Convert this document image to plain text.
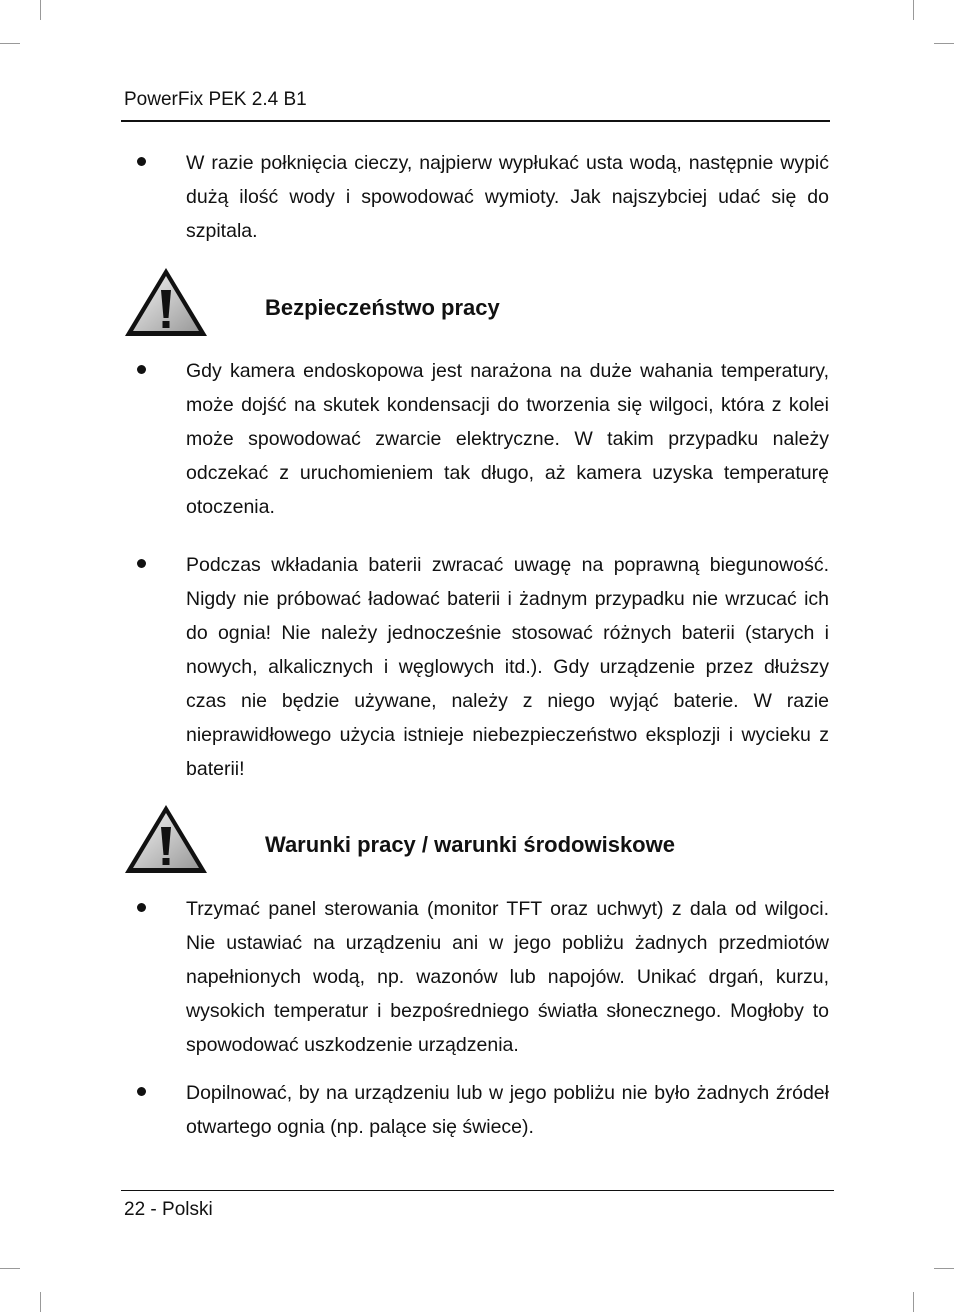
PowerFix PEK 2.4 B1
W razie połknięcia cieczy, najpierw wypłukać usta wodą, następnie wypić dużą ilość wody i spowodować wymioty. Jak najszybciej udać się do szpitala.
Bezpieczeństwo pracy
Gdy kamera endoskopowa jest narażona na duże wahania temperatury, może dojść na skutek kondensacji do tworzenia się wilgoci, która z kolei może spowodować zwarcie elektryczne. W takim przypadku należy odczekać z uruchomieniem tak długo, aż kamera uzyska temperaturę otoczenia.
Podczas wkładania baterii zwracać uwagę na poprawną biegunowość. Nigdy nie próbować ładować baterii i żadnym przypadku nie wrzucać ich do ognia! Nie należy jednocześnie stosować różnych baterii (starych i nowych, alkalicznych i węglowych itd.). Gdy urządzenie przez dłuższy czas nie będzie używane, należy z niego wyjąć baterie. W razie nieprawidłowego użycia istnieje niebezpieczeństwo eksplozji i wycieku z baterii!
Warunki pracy / warunki środowiskowe
Trzymać panel sterowania (monitor TFT oraz uchwyt) z dala od wilgoci. Nie ustawiać na urządzeniu ani w jego pobliżu żadnych przedmiotów napełnionych wodą, np. wazonów lub napojów. Unikać drgań, kurzu, wysokich temperatur i bezpośredniego światła słonecznego. Mogłoby to spowodować uszkodzenie urządzenia.
Dopilnować, by na urządzeniu lub w jego pobliżu nie było żadnych źródeł otwartego ognia (np. palące się świece).
22 - Polski
